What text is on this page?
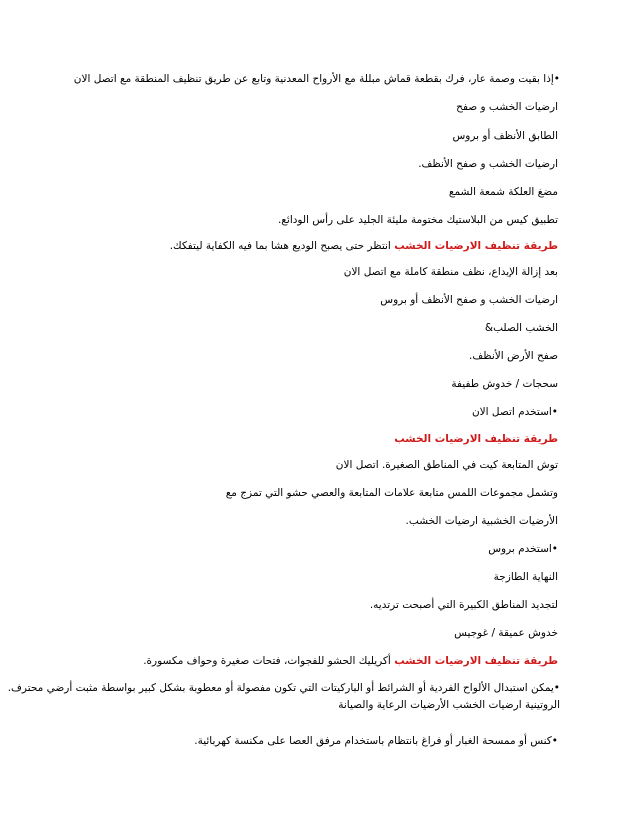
•إذا بقيت وصمة عار، فرك بقطعة قماش مبللة مع الأرواح المعدنية وتابع عن طريق تنظيف المنطقة مع اتصل الان
ارضيات الخشب و صفح
الطابق الأنظف أو بروس
ارضيات الخشب و صفح الأنظف.
مضغ العلكة شمعة الشمع
تطبيق كيس من البلاستيك مختومة مليئة الجليد على رأس الودائع.
طريقة تنظيف الارضيات الخشب انتظر حتى يصبح الوديع هشا بما فيه الكفاية ليتفكك.
بعد إزالة الإيداع، نظف منطقة كاملة مع اتصل الان
ارضيات الخشب و صفح الأنظف أو بروس
الخشب الصلب&
صفح الأرض الأنظف.
سحجات / خدوش طفيفة
•استخدم اتصل الان
طريقة تنظيف الارضيات الخشب
توش المتابعة كيت في المناطق الصغيرة. اتصل الان
وتشمل مجموعات اللمس متابعة علامات المتابعة والعصي حشو التي تمزج مع
الأرضيات الخشبية ارضيات الخشب.
•استخدم بروس
النهاية الطازجة
لتجديد المناطق الكبيرة التي أصبحت ترتديه.
خدوش عميقة / غوجيس
طريقة تنظيف الارضيات الخشب أكريليك الحشو للفجوات، فتحات صغيرة وحواف مكسورة.
•يمكن استبدال الألواح الفردية أو الشرائط أو الباركيتات التي تكون مفصولة أو معطوبة بشكل كبير بواسطة مثبت أرضي محترف.
الروتينية ارضيات الخشب الأرضيات الرعاية والصيانة
•كنس أو ممسحة الغبار أو فراغ بانتظام باستخدام مرفق العصا على مكنسة كهربائية.
